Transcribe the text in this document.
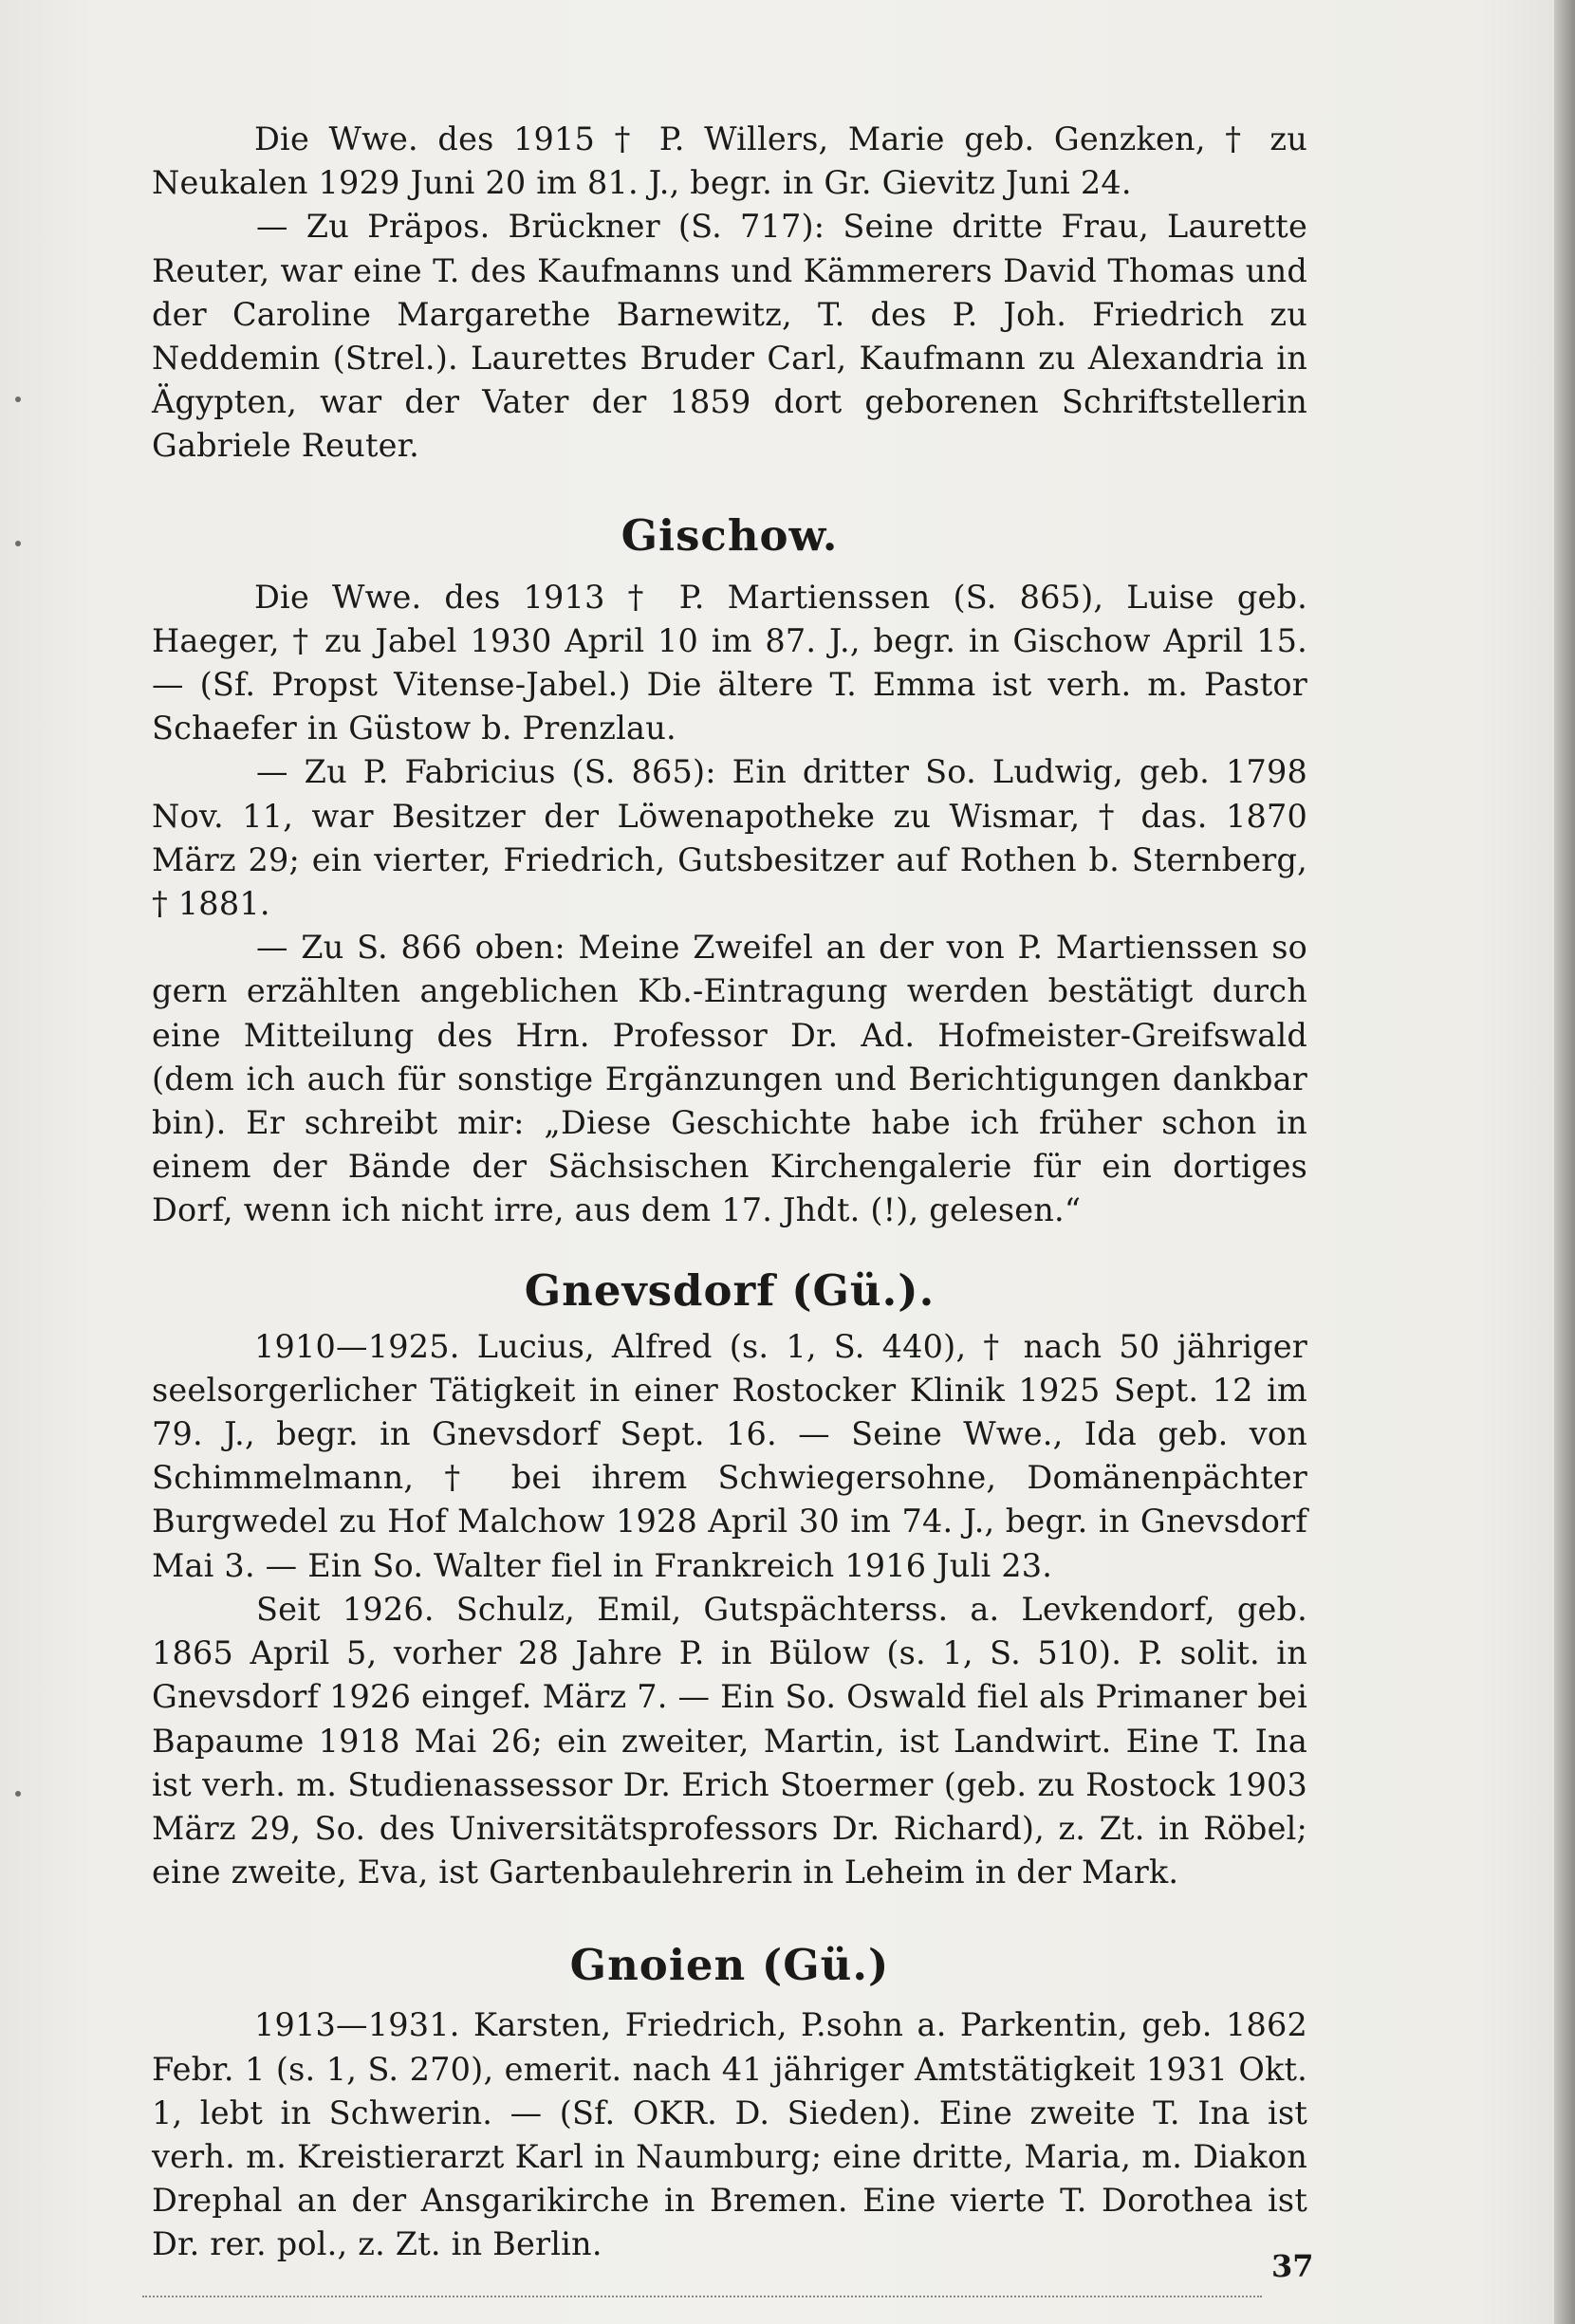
Die Wwe. des 1915 † P. Willers, Marie geb. Genzken, † zu Neukalen 1929 Juni 20 im 81. J., begr. in Gr. Gievitz Juni 24.

— Zu Präpos. Brückner (S. 717): Seine dritte Frau, Laurette Reuter, war eine T. des Kaufmanns und Kämmerers David Thomas und der Caroline Margarethe Barnewitz, T. des P. Joh. Friedrich zu Neddemin (Strel.). Laurettes Bruder Carl, Kaufmann zu Alexandria in Ägypten, war der Vater der 1859 dort geborenen Schriftstellerin Gabriele Reuter.

Gischow.

Die Wwe. des 1913 † P. Martienssen (S. 865), Luise geb. Haeger, † zu Jabel 1930 April 10 im 87. J., begr. in Gischow April 15. — (Sf. Propst Vitense-Jabel.) Die ältere T. Emma ist verh. m. Pastor Schaefer in Güstow b. Prenzlau.

— Zu P. Fabricius (S. 865): Ein dritter So. Ludwig, geb. 1798 Nov. 11, war Besitzer der Löwenapotheke zu Wismar, † das. 1870 März 29; ein vierter, Friedrich, Gutsbesitzer auf Rothen b. Sternberg, † 1881.

— Zu S. 866 oben: Meine Zweifel an der von P. Martienssen so gern erzählten angeblichen Kb.-Eintragung werden bestätigt durch eine Mitteilung des Hrn. Professor Dr. Ad. Hofmeister-Greifswald (dem ich auch für sonstige Ergänzungen und Berichtigungen dankbar bin). Er schreibt mir: „Diese Geschichte habe ich früher schon in einem der Bände der Sächsischen Kirchengalerie für ein dortiges Dorf, wenn ich nicht irre, aus dem 17. Jhdt. (!), gelesen.“

Gnevsdorf (Gü.).

1910—1925. Lucius, Alfred (s. 1, S. 440), † nach 50 jähriger seelsorgerlicher Tätigkeit in einer Rostocker Klinik 1925 Sept. 12 im 79. J., begr. in Gnevsdorf Sept. 16. — Seine Wwe., Ida geb. von Schimmelmann, † bei ihrem Schwiegersohne, Domänenpächter Burgwedel zu Hof Malchow 1928 April 30 im 74. J., begr. in Gnevsdorf Mai 3. — Ein So. Walter fiel in Frankreich 1916 Juli 23.

Seit 1926. Schulz, Emil, Gutspächterss. a. Levkendorf, geb. 1865 April 5, vorher 28 Jahre P. in Bülow (s. 1, S. 510). P. solit. in Gnevsdorf 1926 eingef. März 7. — Ein So. Oswald fiel als Primaner bei Bapaume 1918 Mai 26; ein zweiter, Martin, ist Landwirt. Eine T. Ina ist verh. m. Studienassessor Dr. Erich Stoermer (geb. zu Rostock 1903 März 29, So. des Universitätsprofessors Dr. Richard), z. Zt. in Röbel; eine zweite, Eva, ist Gartenbaulehrerin in Leheim in der Mark.

Gnoien (Gü.)

1913—1931. Karsten, Friedrich, P.sohn a. Parkentin, geb. 1862 Febr. 1 (s. 1, S. 270), emerit. nach 41 jähriger Amtstätigkeit 1931 Okt. 1, lebt in Schwerin. — (Sf. OKR. D. Sieden). Eine zweite T. Ina ist verh. m. Kreistierarzt Karl in Naumburg; eine dritte, Maria, m. Diakon Drephal an der Ansgarikirche in Bremen. Eine vierte T. Dorothea ist Dr. rer. pol., z. Zt. in Berlin.

37
